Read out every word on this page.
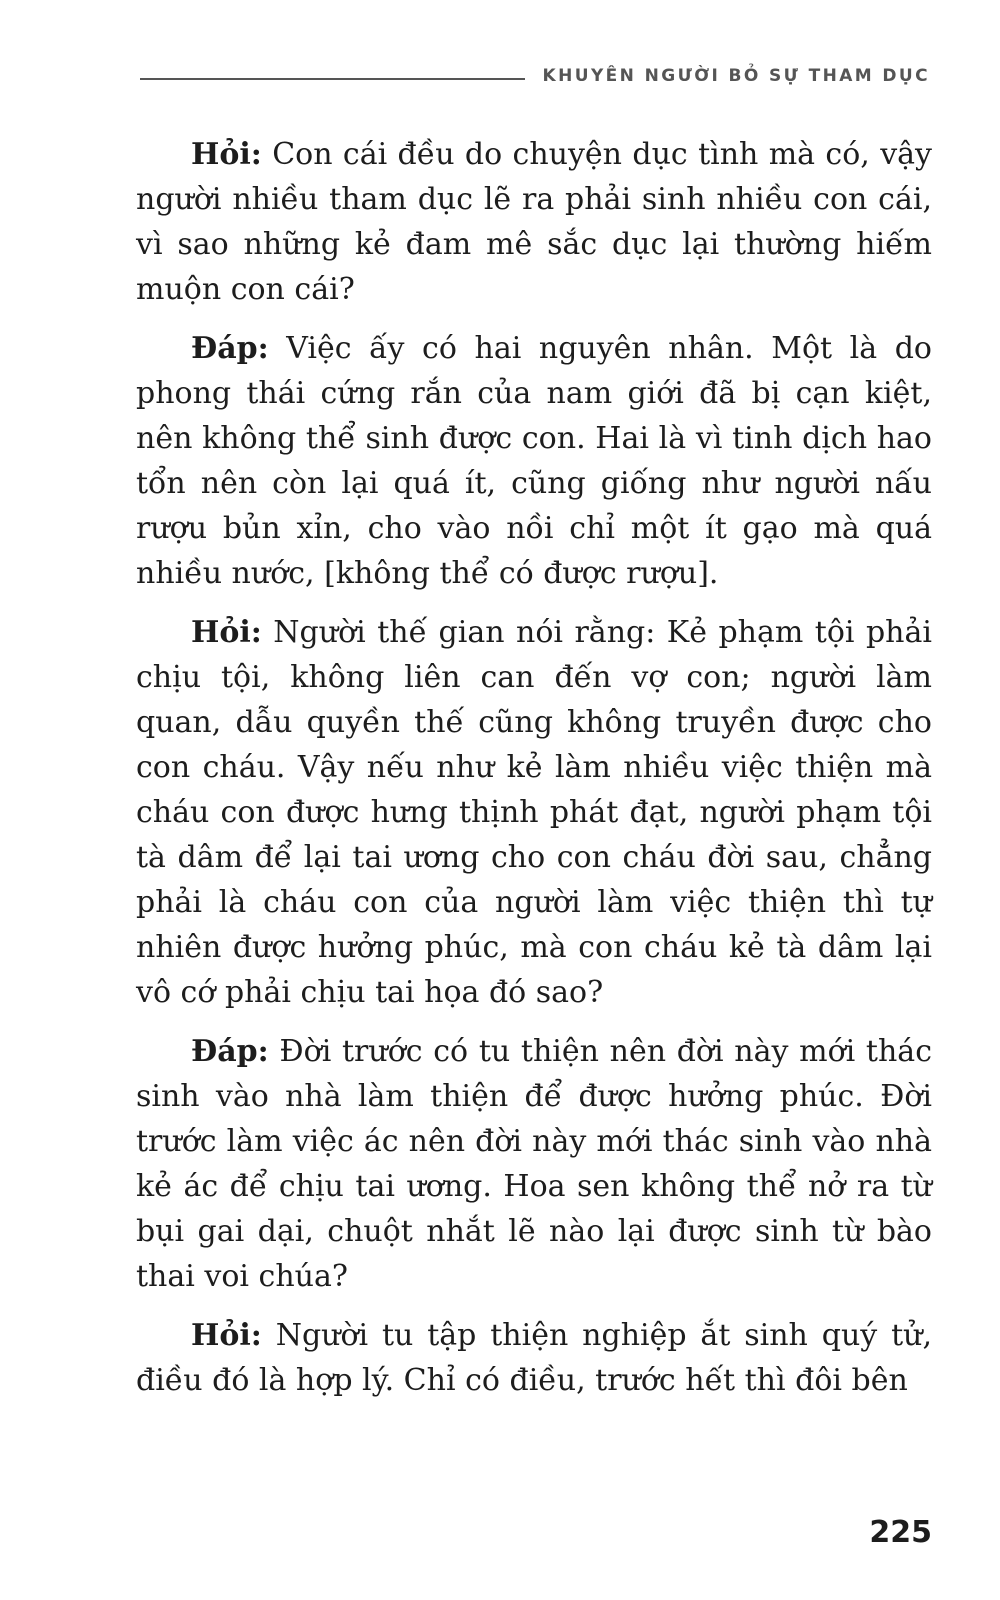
KHUYÊN NGƯỜI BỎ SỰ THAM DỤC

Hỏi: Con cái đều do chuyện dục tình mà có, vậy người nhiều tham dục lẽ ra phải sinh nhiều con cái, vì sao những kẻ đam mê sắc dục lại thường hiếm muộn con cái?

Đáp: Việc ấy có hai nguyên nhân. Một là do phong thái cứng rắn của nam giới đã bị cạn kiệt, nên không thể sinh được con. Hai là vì tinh dịch hao tổn nên còn lại quá ít, cũng giống như người nấu rượu bủn xỉn, cho vào nồi chỉ một ít gạo mà quá nhiều nước, [không thể có được rượu].

Hỏi: Người thế gian nói rằng: Kẻ phạm tội phải chịu tội, không liên can đến vợ con; người làm quan, dẫu quyền thế cũng không truyền được cho con cháu. Vậy nếu như kẻ làm nhiều việc thiện mà cháu con được hưng thịnh phát đạt, người phạm tội tà dâm để lại tai ương cho con cháu đời sau, chẳng phải là cháu con của người làm việc thiện thì tự nhiên được hưởng phúc, mà con cháu kẻ tà dâm lại vô cớ phải chịu tai họa đó sao?

Đáp: Đời trước có tu thiện nên đời này mới thác sinh vào nhà làm thiện để được hưởng phúc. Đời trước làm việc ác nên đời này mới thác sinh vào nhà kẻ ác để chịu tai ương. Hoa sen không thể nở ra từ bụi gai dại, chuột nhắt lẽ nào lại được sinh từ bào thai voi chúa?

Hỏi: Người tu tập thiện nghiệp ắt sinh quý tử, điều đó là hợp lý. Chỉ có điều, trước hết thì đôi bên

225
